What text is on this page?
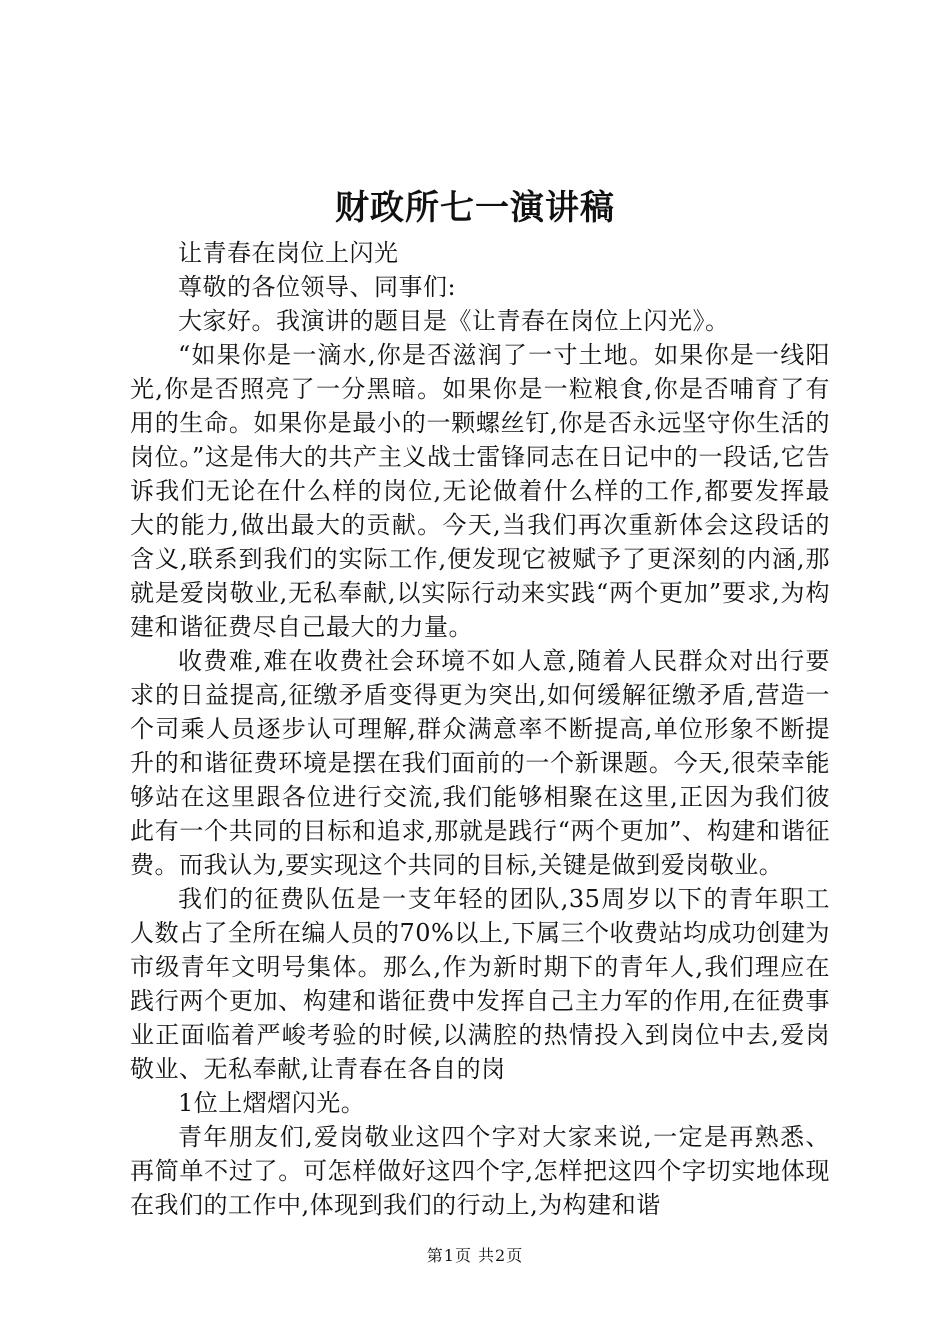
财政所七一演讲稿

让青春在岗位上闪光

尊敬的各位领导、同事们:

大家好。我演讲的题目是《让青春在岗位上闪光》。

“如果你是一滴水,你是否滋润了一寸土地。如果你是一线阳光,你是否照亮了一分黑暗。如果你是一粒粮食,你是否哺育了有用的生命。如果你是最小的一颗螺丝钉,你是否永远坚守你生活的岗位。”这是伟大的共产主义战士雷锋同志在日记中的一段话,它告诉我们无论在什么样的岗位,无论做着什么样的工作,都要发挥最大的能力,做出最大的贡献。今天,当我们再次重新体会这段话的含义,联系到我们的实际工作,便发现它被赋予了更深刻的内涵,那就是爱岗敬业,无私奉献,以实际行动来实践“两个更加”要求,为构建和谐征费尽自己最大的力量。

收费难,难在收费社会环境不如人意,随着人民群众对出行要求的日益提高,征缴矛盾变得更为突出,如何缓解征缴矛盾,营造一个司乘人员逐步认可理解,群众满意率不断提高,单位形象不断提升的和谐征费环境是摆在我们面前的一个新课题。今天,很荣幸能够站在这里跟各位进行交流,我们能够相聚在这里,正因为我们彼此有一个共同的目标和追求,那就是践行“两个更加”、构建和谐征费。而我认为,要实现这个共同的目标,关键是做到爱岗敬业。

我们的征费队伍是一支年轻的团队,35周岁以下的青年职工人数占了全所在编人员的70%以上,下属三个收费站均成功创建为市级青年文明号集体。那么,作为新时期下的青年人,我们理应在践行两个更加、构建和谐征费中发挥自己主力军的作用,在征费事业正面临着严峻考验的时候,以满腔的热情投入到岗位中去,爱岗敬业、无私奉献,让青春在各自的岗

1位上熠熠闪光。

青年朋友们,爱岗敬业这四个字对大家来说,一定是再熟悉、再简单不过了。可怎样做好这四个字,怎样把这四个字切实地体现在我们的工作中,体现到我们的行动上,为构建和谐

第1页 共2页
